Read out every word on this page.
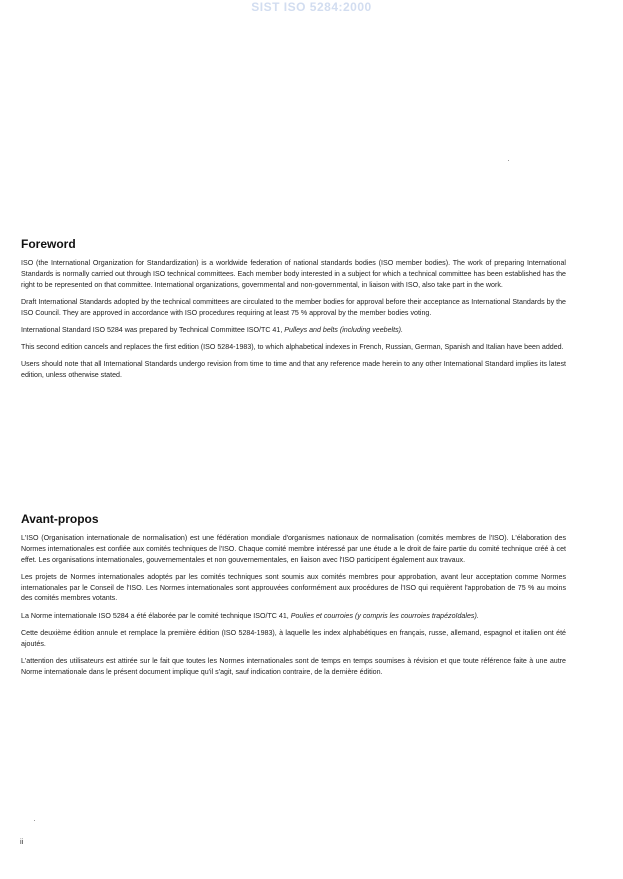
SIST ISO 5284:2000
Foreword

ISO (the International Organization for Standardization) is a worldwide federation of national standards bodies (ISO member bodies). The work of preparing International Standards is normally carried out through ISO technical committees. Each member body interested in a subject for which a technical committee has been established has the right to be represented on that committee. International organizations, governmental and non-governmental, in liaison with ISO, also take part in the work.

Draft International Standards adopted by the technical committees are circulated to the member bodies for approval before their acceptance as International Standards by the ISO Council. They are approved in accordance with ISO procedures requiring at least 75 % approval by the member bodies voting.

International Standard ISO 5284 was prepared by Technical Committee ISO/TC 41, Pulleys and belts (including veebelts).

This second edition cancels and replaces the first edition (ISO 5284-1983), to which alphabetical indexes in French, Russian, German, Spanish and Italian have been added.

Users should note that all International Standards undergo revision from time to time and that any reference made herein to any other International Standard implies its latest edition, unless otherwise stated.

Avant-propos

L'ISO (Organisation internationale de normalisation) est une fédération mondiale d'organismes nationaux de normalisation (comités membres de l'ISO). L'élaboration des Normes internationales est confiée aux comités techniques de l'ISO. Chaque comité membre intéressé par une étude a le droit de faire partie du comité technique créé à cet effet. Les organisations internationales, gouvernementales et non gouvernementales, en liaison avec l'ISO participent également aux travaux.

Les projets de Normes internationales adoptés par les comités techniques sont soumis aux comités membres pour approbation, avant leur acceptation comme Normes internationales par le Conseil de l'ISO. Les Normes internationales sont approuvées conformément aux procédures de l'ISO qui requièrent l'approbation de 75 % au moins des comités membres votants.

La Norme internationale ISO 5284 a été élaborée par le comité technique ISO/TC 41, Poulies et courroies (y compris les courroies trapézoïdales).

Cette deuxième édition annule et remplace la première édition (ISO 5284-1983), à laquelle les index alphabétiques en français, russe, allemand, espagnol et italien ont été ajoutés.

L'attention des utilisateurs est attirée sur le fait que toutes les Normes internationales sont de temps en temps soumises à révision et que toute référence faite à une autre Norme internationale dans le présent document implique qu'il s'agit, sauf indication contraire, de la dernière édition.

ii
